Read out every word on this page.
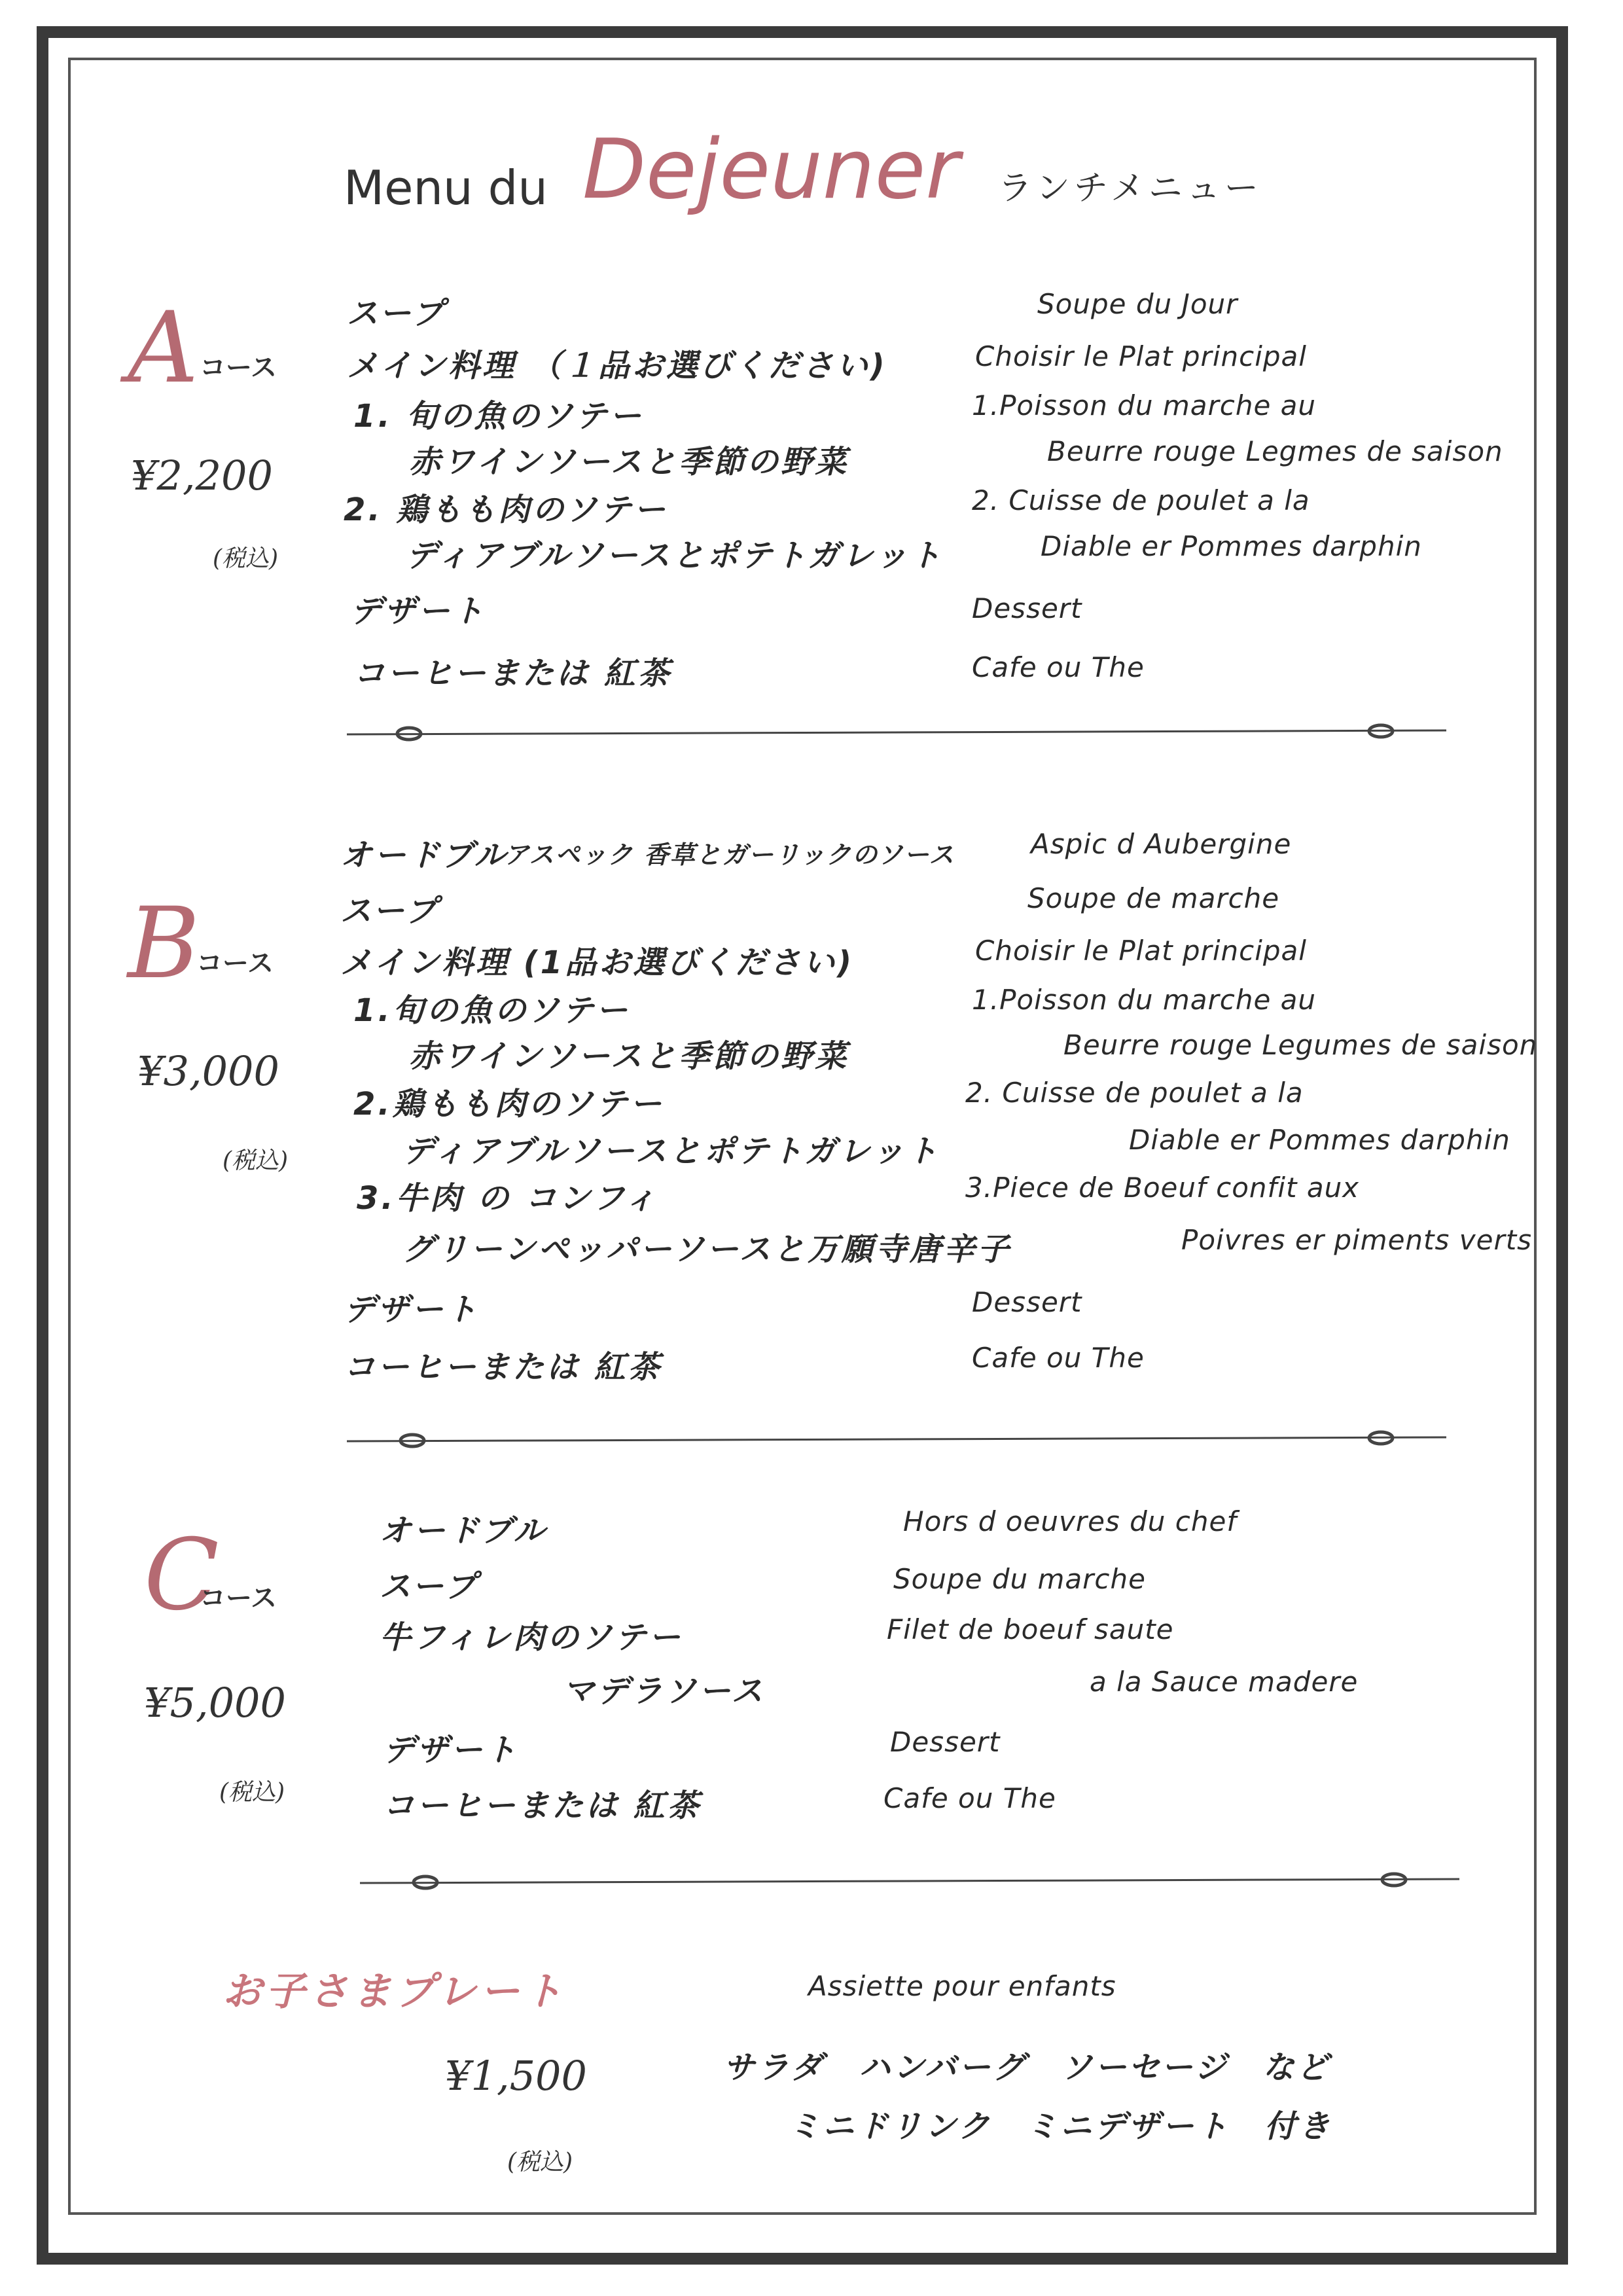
Menu du Dejeuner ランチメニュー
A コース
¥2,200
(税込)
スープ
メイン料理 （１品お選びください)
1. 旬の魚のソテー
赤ワインソースと季節の野菜
2. 鶏もも肉のソテー
ディアブルソースとポテトガレット
デザート
コーヒーまたは 紅茶
Soupe du Jour
Choisir le Plat principal
1.Poisson du marche au
Beurre rouge Legmes de saison
2. Cuisse de poulet a la
Diable er Pommes darphin
Dessert
Cafe ou The
B
コース
¥3,000
(税込)
オードブル
アスペック 香草とガーリックのソース
スープ
メイン料理 (1品お選びください)
1.旬の魚のソテー
赤ワインソースと季節の野菜
2.鶏もも肉のソテー
ディアブルソースとポテトガレット
3.牛肉 の コンフィ
グリーンペッパーソースと万願寺唐辛子
デザート
コーヒーまたは 紅茶
Aspic d Aubergine
Soupe de marche
Choisir le Plat principal
1.Poisson du marche au
Beurre rouge Legumes de saison
2. Cuisse de poulet a la
Diable er Pommes darphin
3.Piece de Boeuf confit aux
Poivres er piments verts
Dessert
Cafe ou The
C
コース
¥5,000
(税込)
オードブル
スープ
牛フィレ肉のソテー
マデラソース
デザート
コーヒーまたは 紅茶
Hors d oeuvres du chef
Soupe du marche
Filet de boeuf saute
a la Sauce madere
Dessert
Cafe ou The
お子さまプレート	Assiette pour enfants
¥1,500
(税込)
サラダ　ハンバーグ　ソーセージ　など
ミニドリンク　ミニデザート　付き
